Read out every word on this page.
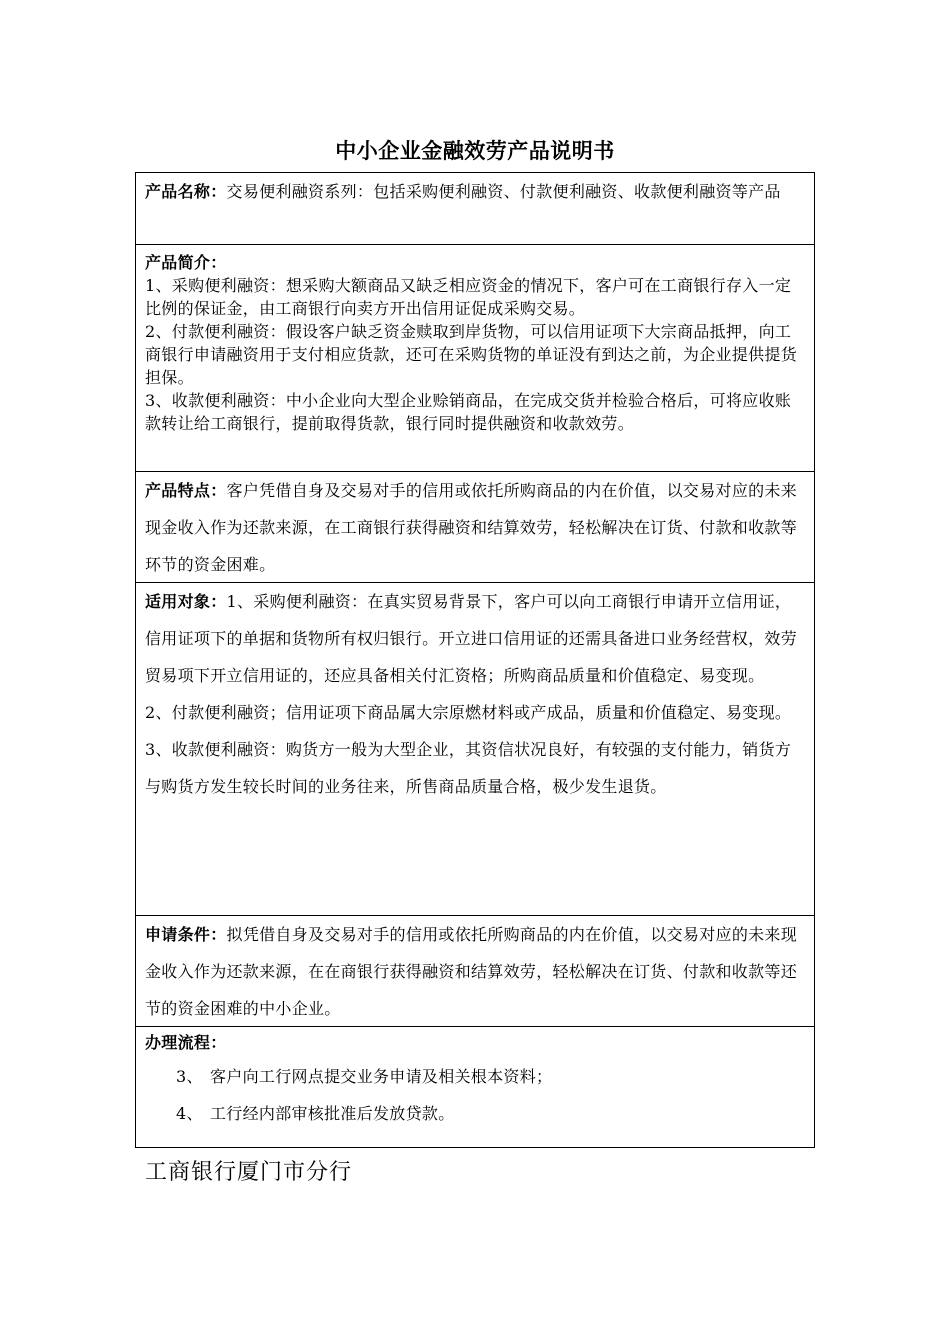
中小企业金融效劳产品说明书

产品名称：交易便利融资系列：包括采购便利融资、付款便利融资、收款便利融资等产品

产品简介：

1、采购便利融资：想采购大额商品又缺乏相应资金的情况下，客户可在工商银行存入一定比例的保证金，由工商银行向卖方开出信用证促成采购交易。

2、付款便利融资：假设客户缺乏资金赎取到岸货物，可以信用证项下大宗商品抵押，向工商银行申请融资用于支付相应货款，还可在采购货物的单证没有到达之前，为企业提供提货担保。

3、收款便利融资：中小企业向大型企业赊销商品，在完成交货并检验合格后，可将应收账款转让给工商银行，提前取得货款，银行同时提供融资和收款效劳。

产品特点：客户凭借自身及交易对手的信用或依托所购商品的内在价值，以交易对应的未来现金收入作为还款来源，在工商银行获得融资和结算效劳，轻松解决在订货、付款和收款等环节的资金困难。

适用对象：1、采购便利融资：在真实贸易背景下，客户可以向工商银行申请开立信用证，信用证项下的单据和货物所有权归银行。开立进口信用证的还需具备进口业务经营权，效劳贸易项下开立信用证的，还应具备相关付汇资格；所购商品质量和价值稳定、易变现。

2、付款便利融资；信用证项下商品属大宗原燃材料或产成品，质量和价值稳定、易变现。

3、收款便利融资：购货方一般为大型企业，其资信状况良好，有较强的支付能力，销货方与购货方发生较长时间的业务往来，所售商品质量合格，极少发生退货。

申请条件：拟凭借自身及交易对手的信用或依托所购商品的内在价值，以交易对应的未来现金收入作为还款来源，在在商银行获得融资和结算效劳，轻松解决在订货、付款和收款等还节的资金困难的中小企业。

办理流程：

3、 客户向工行网点提交业务申请及相关根本资料；

4、 工行经内部审核批准后发放贷款。

工商银行厦门市分行
